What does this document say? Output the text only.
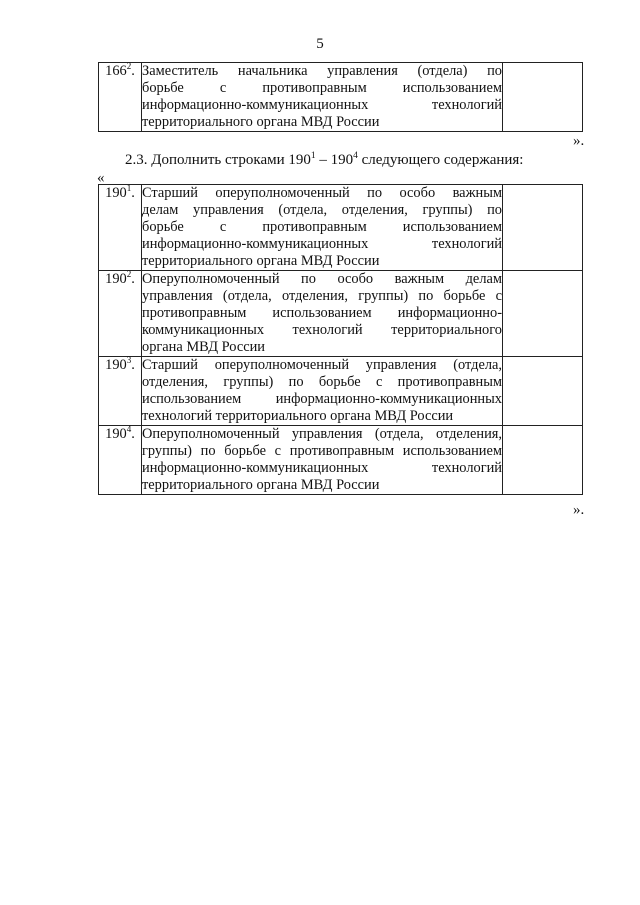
5
$166^2$.	Заместитель начальника управления (отдела) по
борьбе с противоправным использованием
информационно-коммуникационных технологий
территориального органа МВД России

».
2.3. Дополнить строками $190^1 - 190^4$ следующего содержания:
«
$190^1$.	Старший оперуполномоченный по особо важным
делам управления (отдела, отделения, группы) по
борьбе с противоправным использованием
информационно-коммуникационных технологий
территориального органа МВД России	

$190^2$.	Оперуполномоченный по особо важным делам
управления (отдела, отделения, группы) по борьбе с
противоправным использованием информационно-
коммуникационных технологий территориального
органа МВД России	

$190^3$.	Старший оперуполномоченный управления (отдела,
отделения, группы) по борьбе с противоправным
использованием информационно-коммуникационных
технологий территориального органа МВД России	

$190^4$.	Оперуполномоченный управления (отдела, отделения,
группы) по борьбе с противоправным использованием
информационно-коммуникационных технологий
территориального органа МВД России	

».
